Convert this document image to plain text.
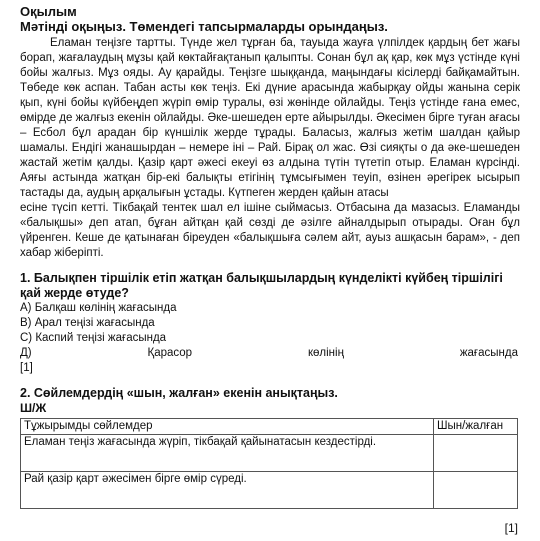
Оқылым
Мәтінді оқыңыз. Төмендегі тапсырмаларды орындаңыз.

Еламан теңізге тартты. Түнде жел тұрған ба, тауыда жауға үлпілдек қардың бет жағы борап, жағалаудың мұзы қай көктайғақтанып қалыпты. Сонан бұл ақ қар, көк мұз үстінде күні бойы жалғыз. Мұз ояды. Ау қарайды. Теңізге шыққанда, маңындағы кісілерді байқамайтын. Төбеде көк аспан. Табан асты көк теңіз. Екі дүние арасында жабырқау ойды жанына серік қып, күні бойы күйбеңдеп жүріп өмір туралы, өзі жөнінде ойлайды. Теңіз үстінде ғана емес, өмірде де жалғыз екенін ойлайды. Әке-шешеден ерте айырылды. Әкесімен бірге туған ағасы – Есбол бұл арадан бір күншілік жерде тұрады. Баласыз, жалғыз жетім шалдан қайыр шамалы. Ендігі жанашырдан – немере іні – Рай. Бірақ ол жас. Өзі сияқты о да әке-шешеден жастай жетім қалды. Қазір қарт әжесі екеуі өз алдына түтін түтетіп отыр. Еламан күрсінді. Аяғы астында жатқан бір-екі балықты етігінің тұмсығымен теуіп, өзінен әрегірек ысырып тастады да, аудың арқалығын ұстады. Күтпеген жерден қайын атасы

есіне түсіп кетті. Тікбақай тентек шал ел ішіне сыймасыз. Отбасына да мазасыз. Еламанды «балықшы» деп атап, бұған айтқан қай сөзді де әзілге айналдырып отырады. Оған бұл үйренген. Кеше де қатынаған біреуден «балықшыға сәлем айт, ауыз ашқасын барам», - деп хабар жіберіпті.
1. Балықпен тіршілік етіп жатқан балықшылардың күнделікті күйбең тіршілігі қай жерде өтуде?
А) Балқаш көлінің жағасында
В) Арал теңізі жағасында
С) Каспий теңізі жағасында
Д)	Қарасор	көлінің	жағасында
[1]
2. Сөйлемдердің «шын, жалған» екенін анықтаңыз.
Ш/Ж
Тұжырымды сөйлемдер	Шын/жалған
Еламан теңіз жағасында жүріп, тікбақай қайынатасын кездестірді.	
Рай қазір қарт әжесімен бірге өмір сүреді.	
[1]
